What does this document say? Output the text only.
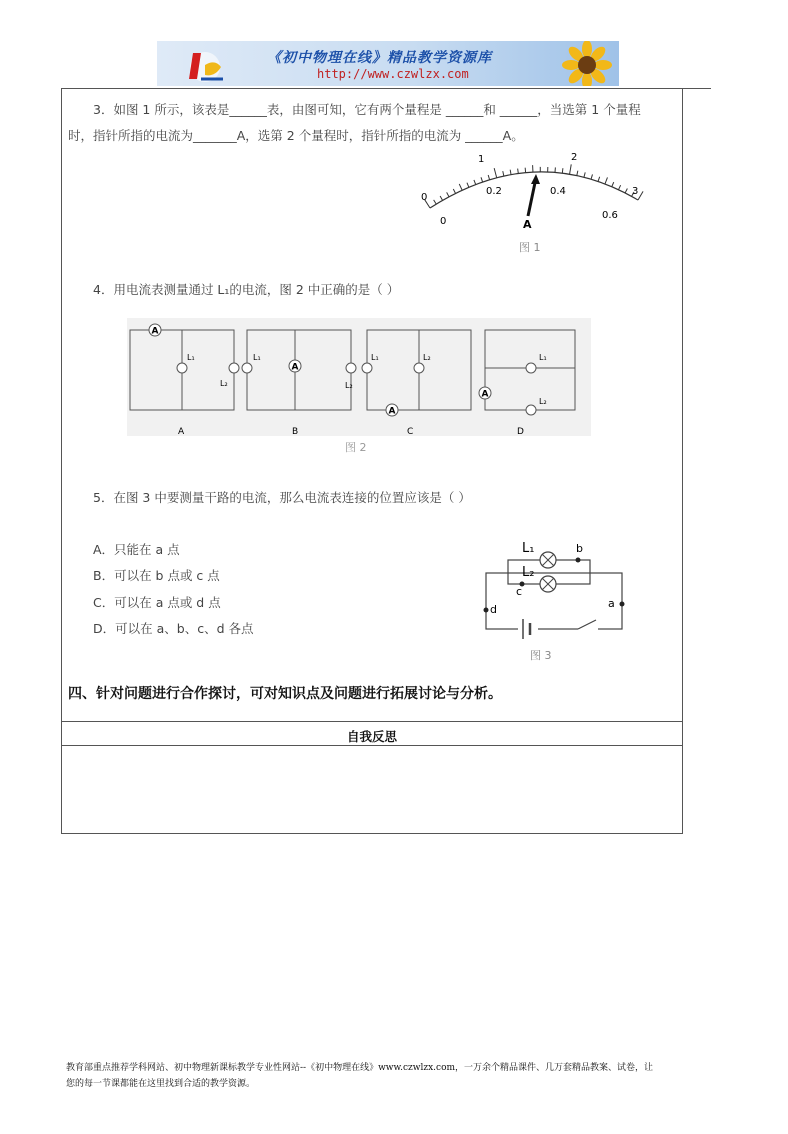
《初中物理在线》精品教学资源库
http://www.czwlzx.com
3．如图 1 所示，该表是______表，由图可知，它有两个量程是 ______和 ______，当选第 1 个量程
时，指针所指的电流为_______A，选第 2 个量程时，指针所指的电流为 ______A。
0
1	2
3
0
0.2	0.4
0.6
A
图 1
4．用电流表测量通过 L₁的电流，图 2 中正确的是（ ）
A
L₁
L₂
A
L₁
L₂
A
L₁	L₂
A
L₁
L₂
A	B	C	D
图 2
5．在图 3 中要测量干路的电流，那么电流表连接的位置应该是（ ）
A．只能在 a 点
B．可以在 b 点或 c 点
C．可以在 a 点或 d 点
D．可以在 a、b、c、d 各点
L₁
L₂
a
b
c
d
图 3
四、针对问题进行合作探讨，可对知识点及问题进行拓展讨论与分析。
自我反思
教育部重点推荐学科网站、初中物理新课标教学专业性网站--《初中物理在线》www.czwlzx.com，一万余个精品课件、几万套精品教案、试卷，让
您的每一节课都能在这里找到合适的教学资源。
